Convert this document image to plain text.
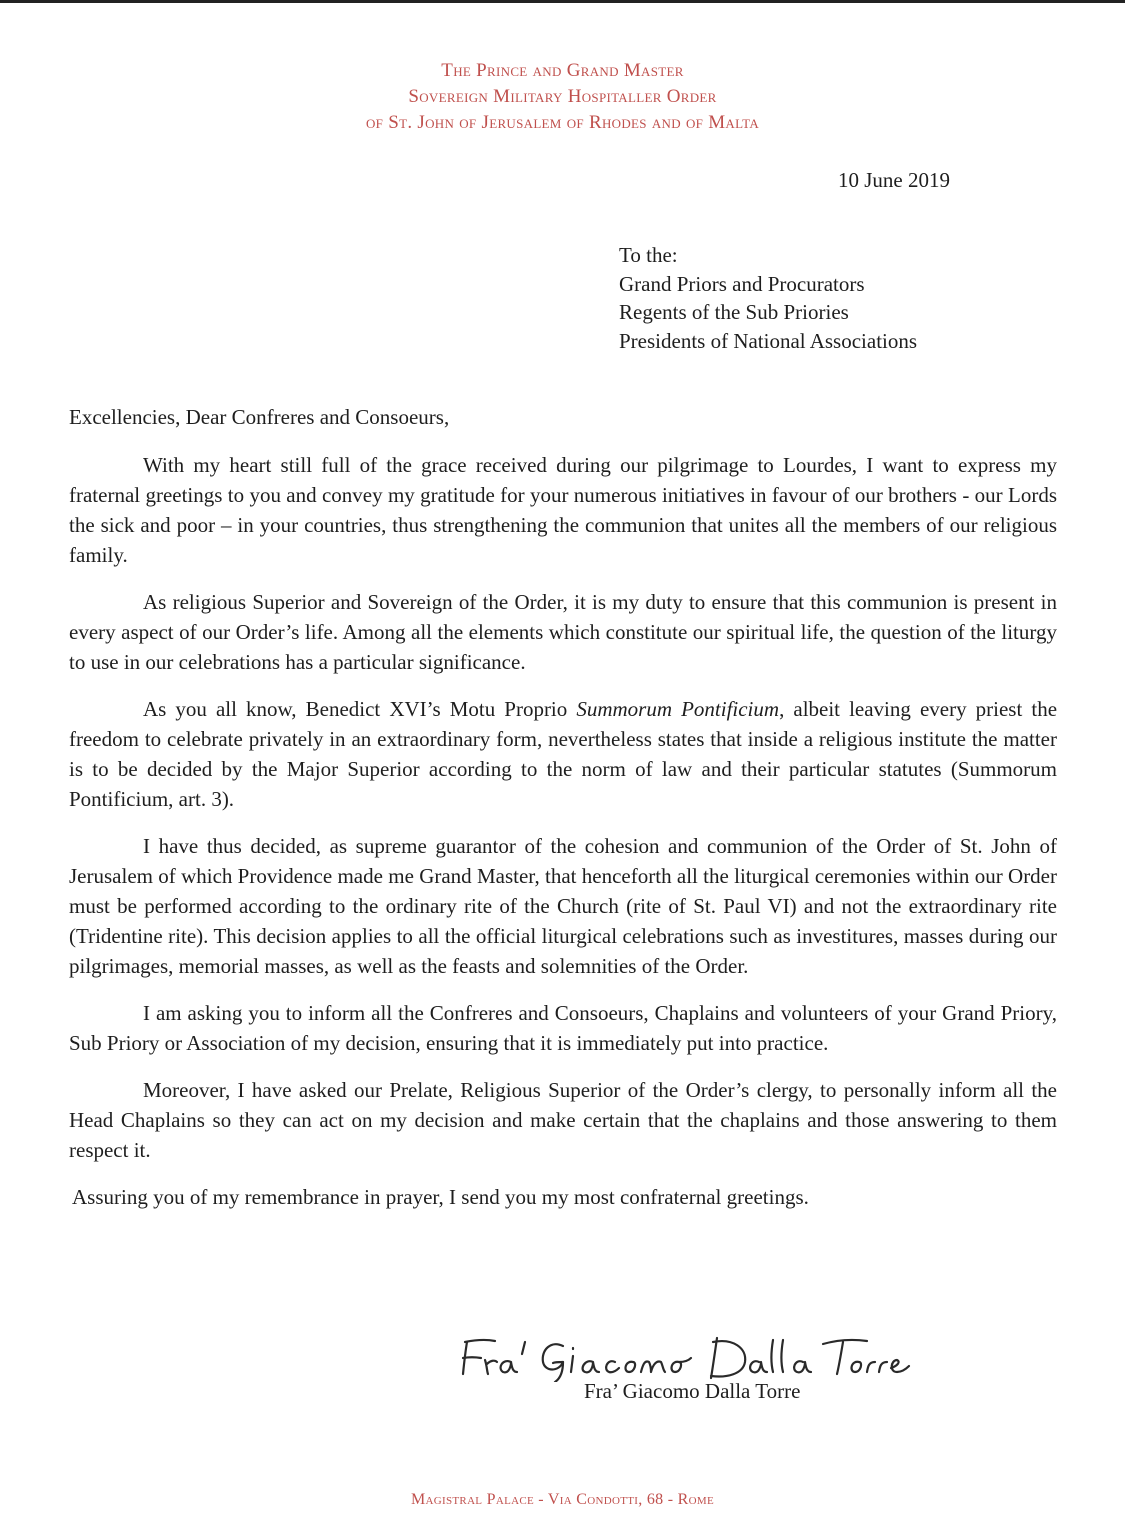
The Prince and Grand Master
Sovereign Military Hospitaller Order
of St. John of Jerusalem of Rhodes and of Malta
10 June 2019
To the:
Grand Priors and Procurators
Regents of the Sub Priories
Presidents of National Associations
Excellencies, Dear Confreres and Consoeurs,

With my heart still full of the grace received during our pilgrimage to Lourdes, I want to express my fraternal greetings to you and convey my gratitude for your numerous initiatives in favour of our brothers - our Lords the sick and poor – in your countries, thus strengthening the communion that unites all the members of our religious family.

As religious Superior and Sovereign of the Order, it is my duty to ensure that this communion is present in every aspect of our Order’s life. Among all the elements which constitute our spiritual life, the question of the liturgy to use in our celebrations has a particular significance.

As you all know, Benedict XVI’s Motu Proprio Summorum Pontificium, albeit leaving every priest the freedom to celebrate privately in an extraordinary form, nevertheless states that inside a religious institute the matter is to be decided by the Major Superior according to the norm of law and their particular statutes (Summorum Pontificium, art. 3).

I have thus decided, as supreme guarantor of the cohesion and communion of the Order of St. John of Jerusalem of which Providence made me Grand Master, that henceforth all the liturgical ceremonies within our Order must be performed according to the ordinary rite of the Church (rite of St. Paul VI) and not the extraordinary rite (Tridentine rite). This decision applies to all the official liturgical celebrations such as investitures, masses during our pilgrimages, memorial masses, as well as the feasts and solemnities of the Order.

I am asking you to inform all the Confreres and Consoeurs, Chaplains and volunteers of your Grand Priory, Sub Priory or Association of my decision, ensuring that it is immediately put into practice.

Moreover, I have asked our Prelate, Religious Superior of the Order’s clergy, to personally inform all the Head Chaplains so they can act on my decision and make certain that the chaplains and those answering to them respect it.

Assuring you of my remembrance in prayer, I send you my most confraternal greetings.

Fra’ Giacomo Dalla Torre
Magistral Palace - Via Condotti, 68 - Rome
